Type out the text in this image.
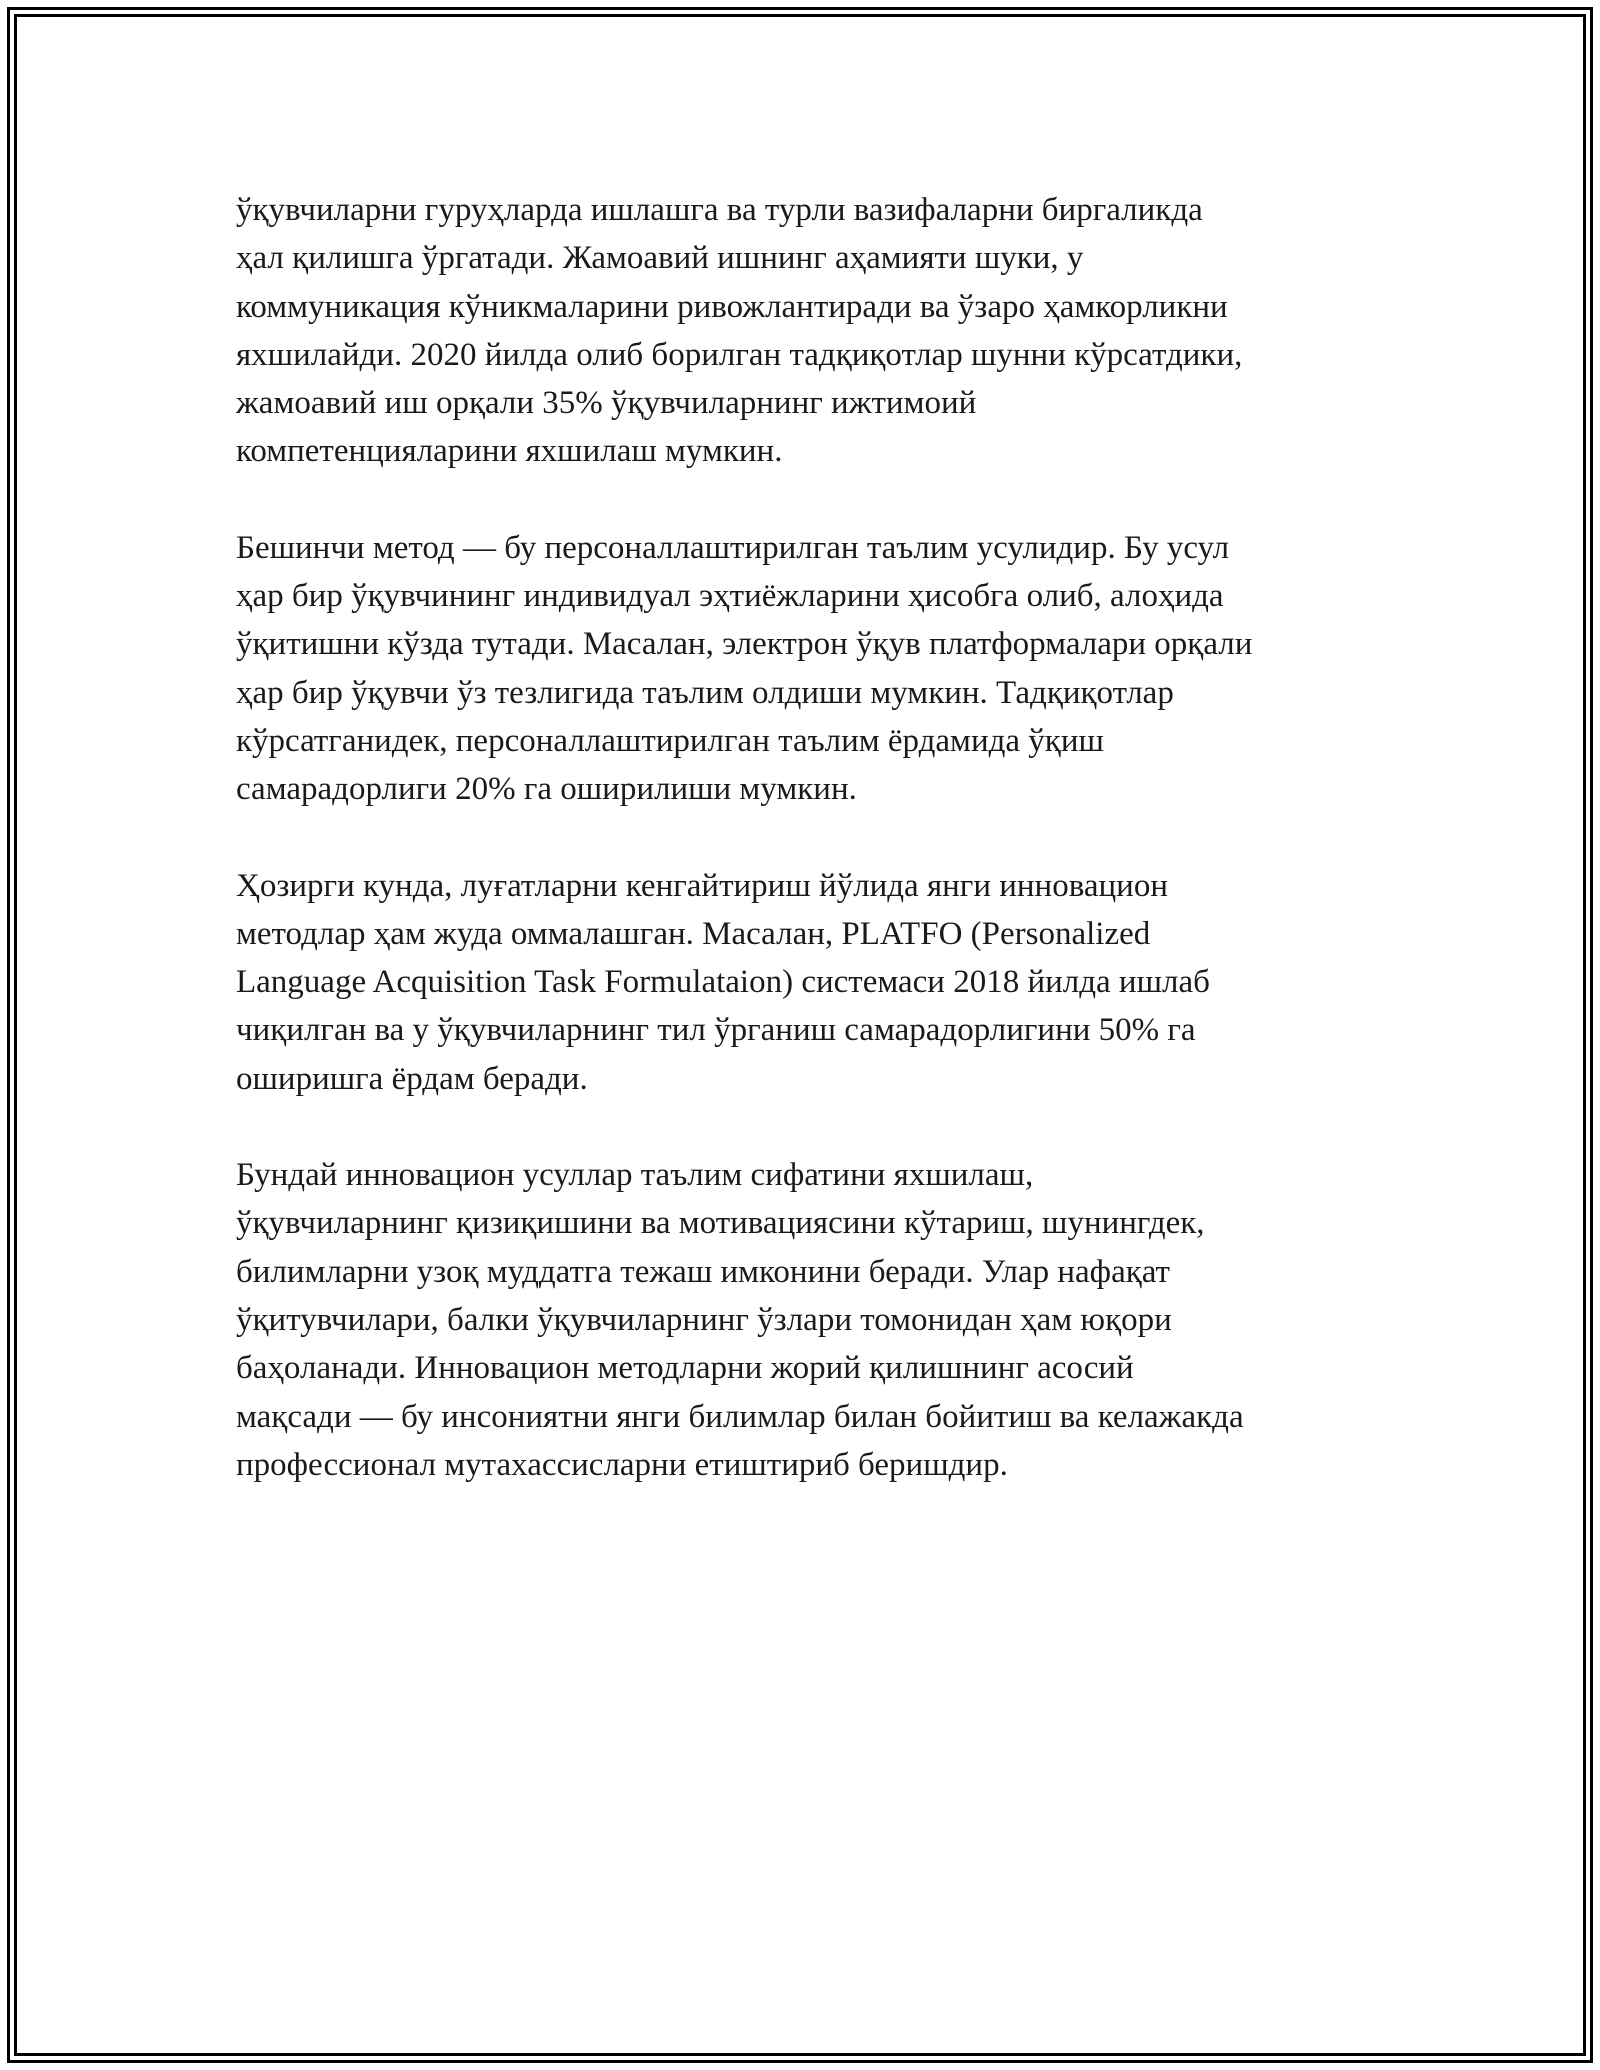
ўқувчиларни гуруҳларда ишлашга ва турли вазифаларни биргаликда
ҳал қилишга ўргатади. Жамоавий ишнинг аҳамияти шуки, у
коммуникация кўникмаларини ривожлантиради ва ўзаро ҳамкорликни
яхшилайди. 2020 йилда олиб борилган тадқиқотлар шунни кўрсатдики,
жамоавий иш орқали 35% ўқувчиларнинг ижтимоий
компетенцияларини яхшилаш мумкин.

Бешинчи метод — бу персоналлаштирилган таълим усулидир. Бу усул
ҳар бир ўқувчининг индивидуал эҳтиёжларини ҳисобга олиб, алоҳида
ўқитишни кўзда тутади. Масалан, электрон ўқув платформалари орқали
ҳар бир ўқувчи ўз тезлигида таълим олдиши мумкин. Тадқиқотлар
кўрсатганидек, персоналлаштирилган таълим ёрдамида ўқиш
самарадорлиги 20% га оширилиши мумкин.

Ҳозирги кунда, луғатларни кенгайтириш йўлида янги инновацион
методлар ҳам жуда оммалашган. Масалан, PLATFO (Personalized
Language Acquisition Task Formulataion) системаси 2018 йилда ишлаб
чиқилган ва у ўқувчиларнинг тил ўрганиш самарадорлигини 50% га
оширишга ёрдам беради.

Бундай инновацион усуллар таълим сифатини яхшилаш,
ўқувчиларнинг қизиқишини ва мотивациясини кўтариш, шунингдек,
билимларни узоқ муддатга тежаш имконини беради. Улар нафақат
ўқитувчилари, балки ўқувчиларнинг ўзлари томонидан ҳам юқори
баҳоланади. Инновацион методларни жорий қилишнинг асосий
мақсади — бу инсониятни янги билимлар билан бойитиш ва келажакда
профессионал мутахассисларни етиштириб беришдир.
